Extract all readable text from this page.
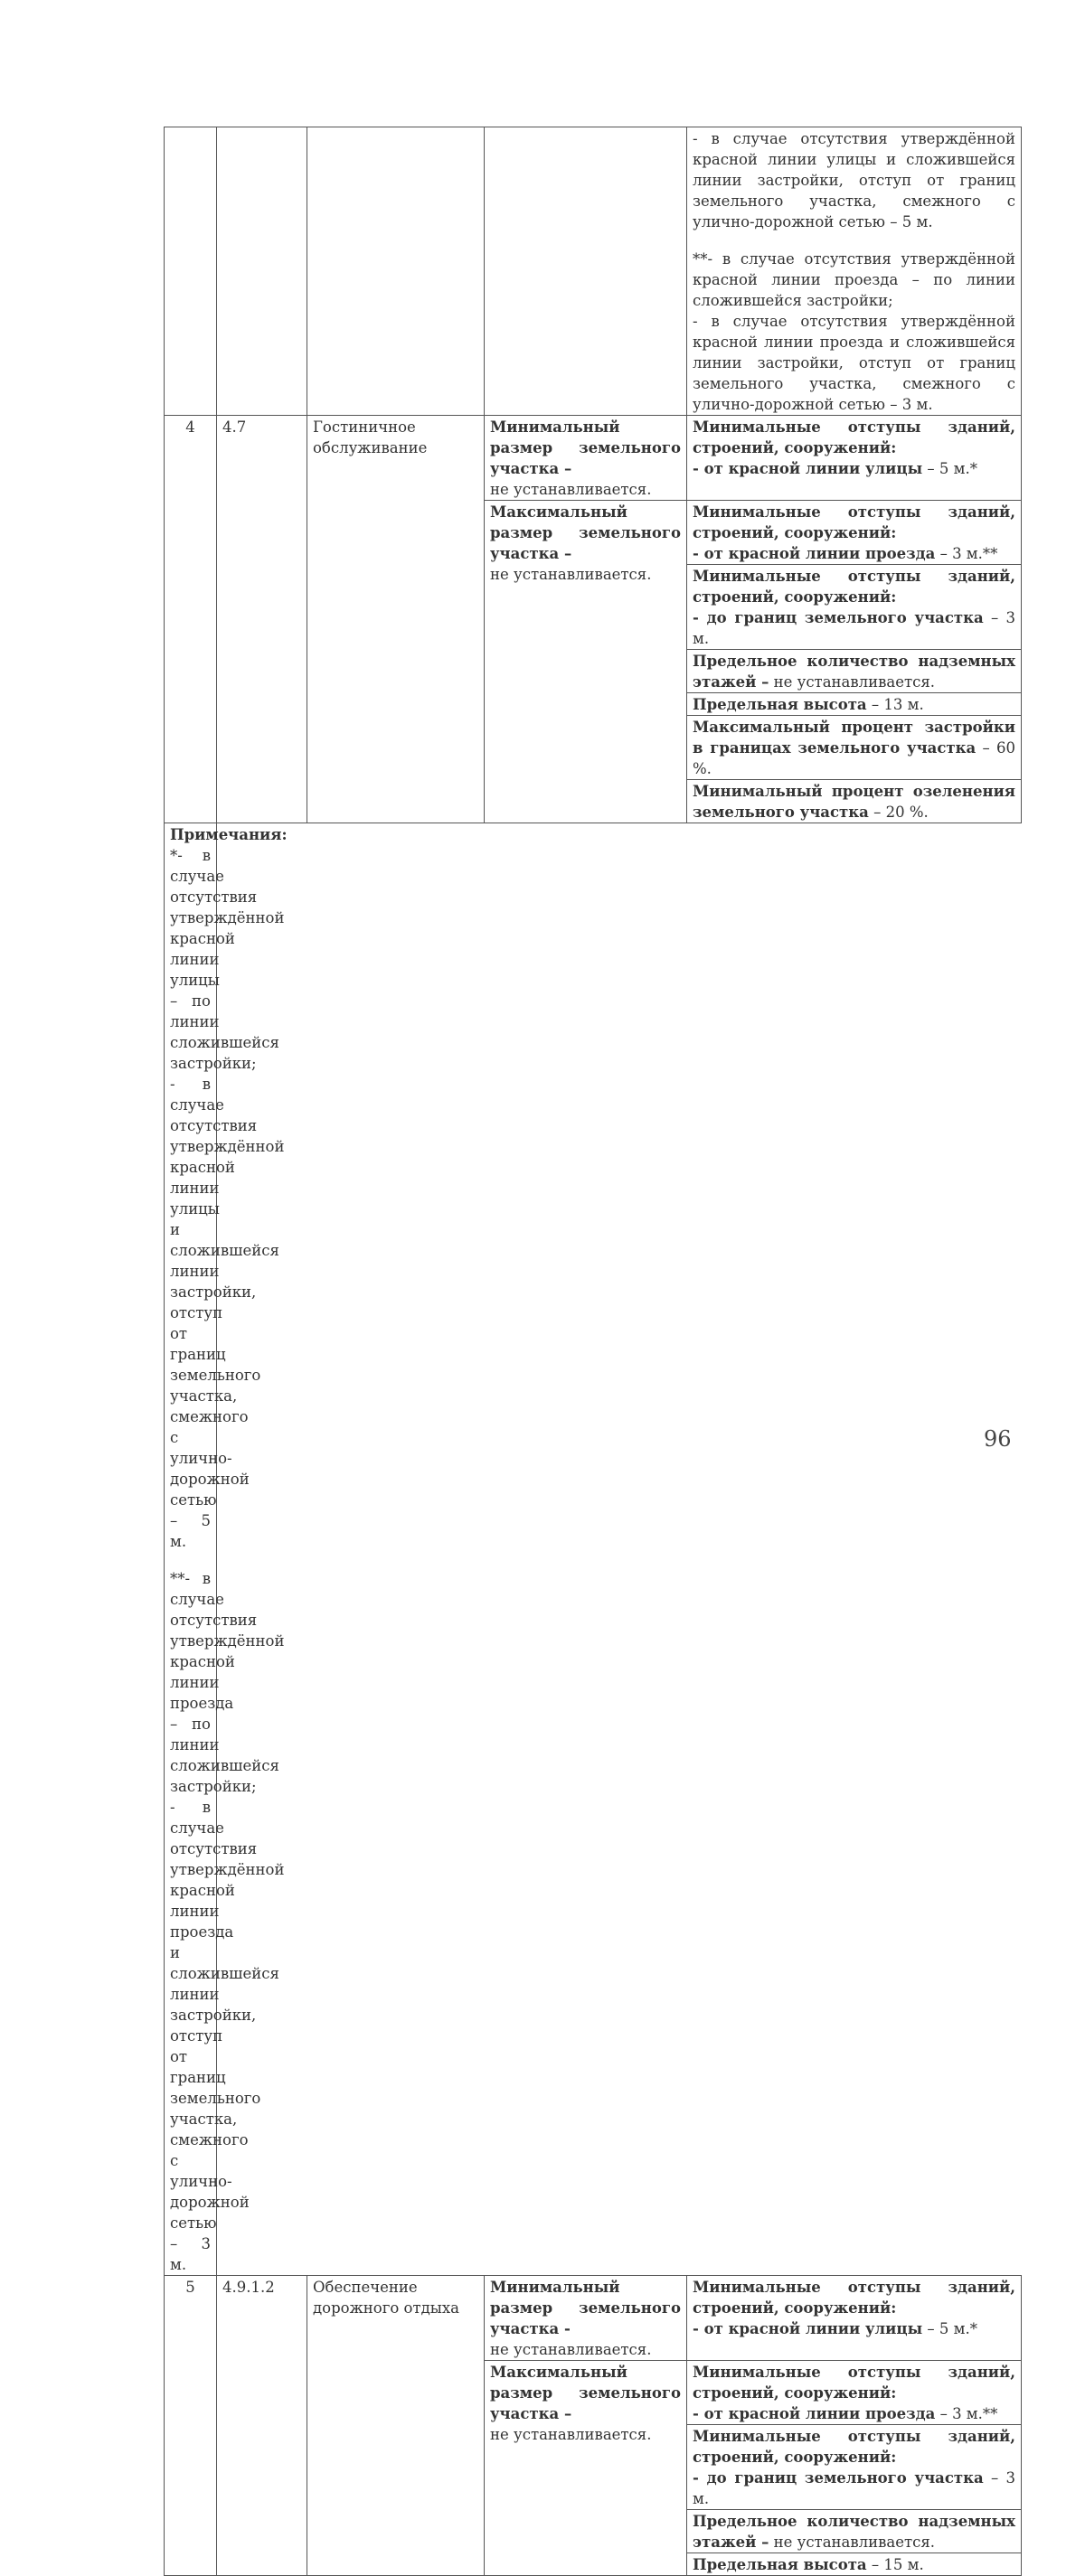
				- в случае отсутствия утверждённой красной линии улицы и сложившейся линии застройки, отступ от границ земельного участка, смежного с улично-дорожной сетью – 5 м.
**- в случае отсутствия утверждённой красной линии проезда – по линии сложившейся застройки;
- в случае отсутствия утверждённой красной линии проезда и сложившейся линии застройки, отступ от границ земельного участка, смежного с улично-дорожной сетью – 3 м.

4	4.7	Гостиничное обслуживание	Минимальный размер земельного участка –
не устанавливается.	Минимальные отступы зданий, строений, сооружений:
- от красной линии улицы – 5 м.*
			Максимальный размер земельного участка –
не устанавливается.	Минимальные отступы зданий, строений, сооружений:
- от красной линии проезда – 3 м.**

				Минимальные отступы зданий, строений, сооружений:
- до границ земельного участка – 3 м.
				Предельное количество надземных этажей – не устанавливается.
				Предельная высота – 13 м.
				Максимальный процент застройки в границах земельного участка – 60 %.
				Минимальный процент озеленения земельного участка – 20 %.

Примечания:
*- в случае отсутствия утверждённой красной линии улицы – по линии сложившейся застройки;
- в случае отсутствия утверждённой красной линии улицы и сложившейся линии застройки, отступ от границ земельного участка, смежного с улично-дорожной сетью – 5 м.
**- в случае отсутствия утверждённой красной линии проезда – по линии сложившейся застройки;
- в случае отсутствия утверждённой красной линии проезда и сложившейся линии застройки, отступ от границ земельного участка, смежного с улично-дорожной сетью – 3 м.				

5	4.9.1.2	Обеспечение дорожного отдыха	Минимальный размер земельного участка -
не устанавливается.	Минимальные отступы зданий, строений, сооружений:
- от красной линии улицы – 5 м.*
			Максимальный размер земельного участка –
не устанавливается.	Минимальные отступы зданий, строений, сооружений:
- от красной линии проезда – 3 м.**

				Минимальные отступы зданий, строений, сооружений:
- до границ земельного участка – 3 м.
				Предельное количество надземных этажей – не устанавливается.
				Предельная высота – 15 м.
96
